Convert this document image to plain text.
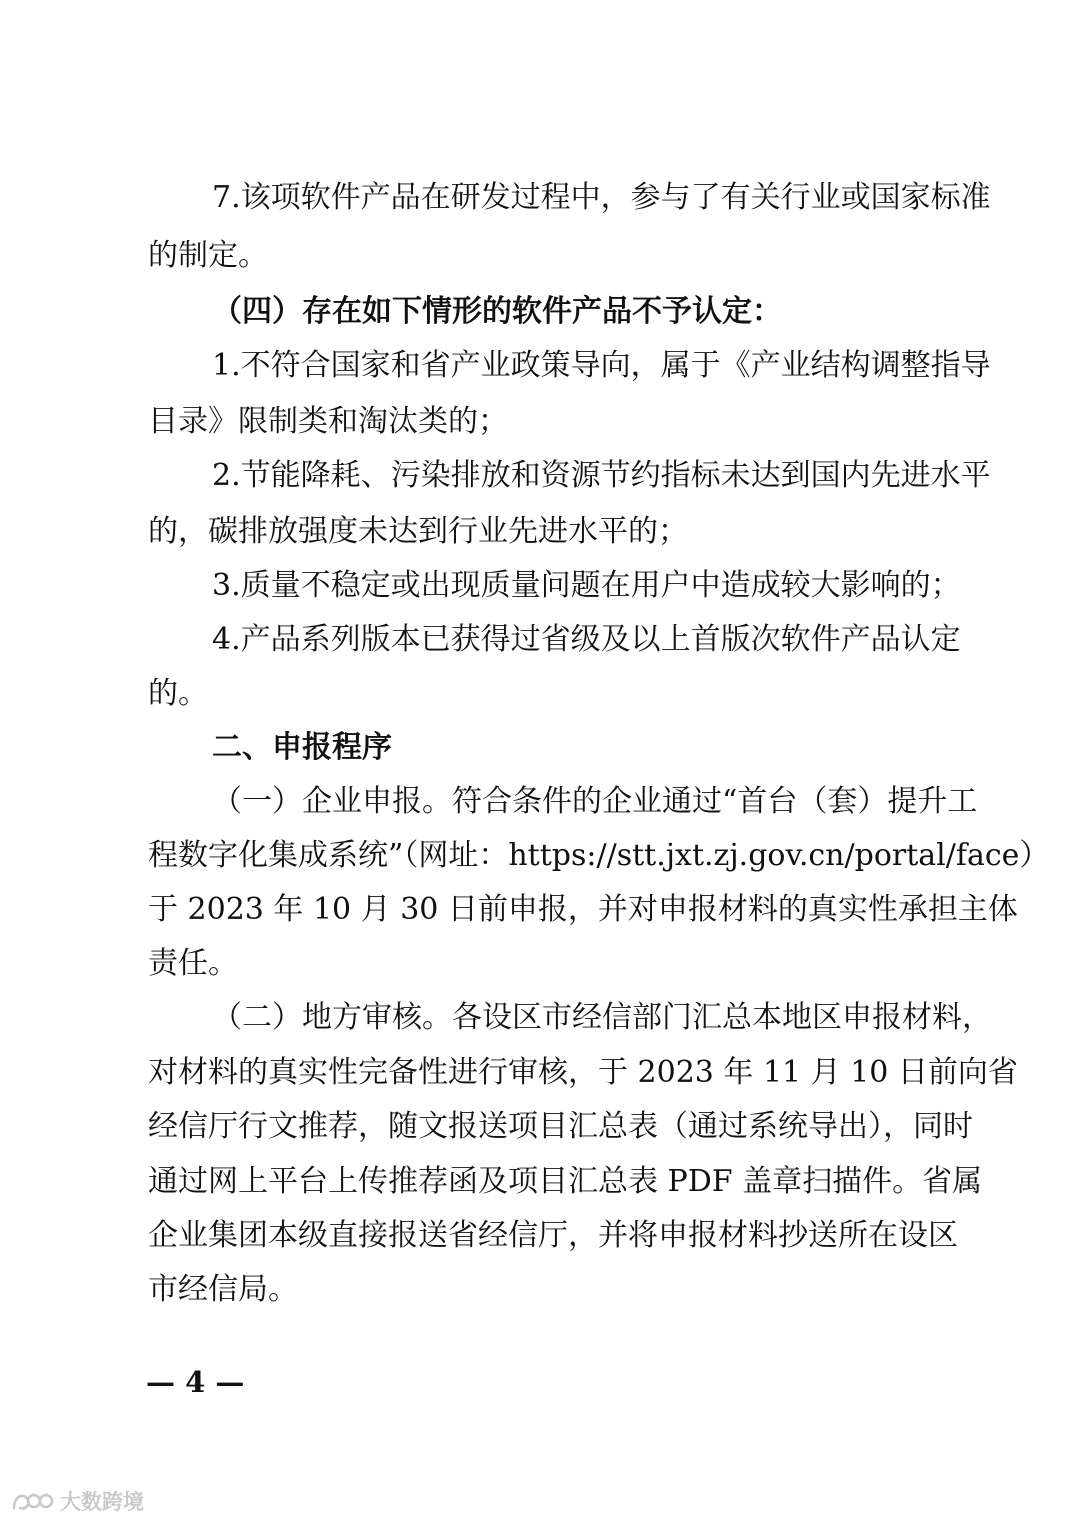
7.该项软件产品在研发过程中，参与了有关行业或国家标准
的制定。
（四）存在如下情形的软件产品不予认定：
1.不符合国家和省产业政策导向，属于《产业结构调整指导
目录》限制类和淘汰类的；
2.节能降耗、污染排放和资源节约指标未达到国内先进水平
的，碳排放强度未达到行业先进水平的；
3.质量不稳定或出现质量问题在用户中造成较大影响的；
4.产品系列版本已获得过省级及以上首版次软件产品认定
的。
二、申报程序
（一）企业申报。符合条件的企业通过“首台（套）提升工
程数字化集成系统”（网址：https://stt.jxt.zj.gov.cn/portal/face）
于 2023 年 10 月 30 日前申报，并对申报材料的真实性承担主体
责任。
（二）地方审核。各设区市经信部门汇总本地区申报材料，
对材料的真实性完备性进行审核，于 2023 年 11 月 10 日前向省
经信厅行文推荐，随文报送项目汇总表（通过系统导出），同时
通过网上平台上传推荐函及项目汇总表 PDF 盖章扫描件。省属
企业集团本级直接报送省经信厅，并将申报材料抄送所在设区
市经信局。
— 4 —
大数跨境
